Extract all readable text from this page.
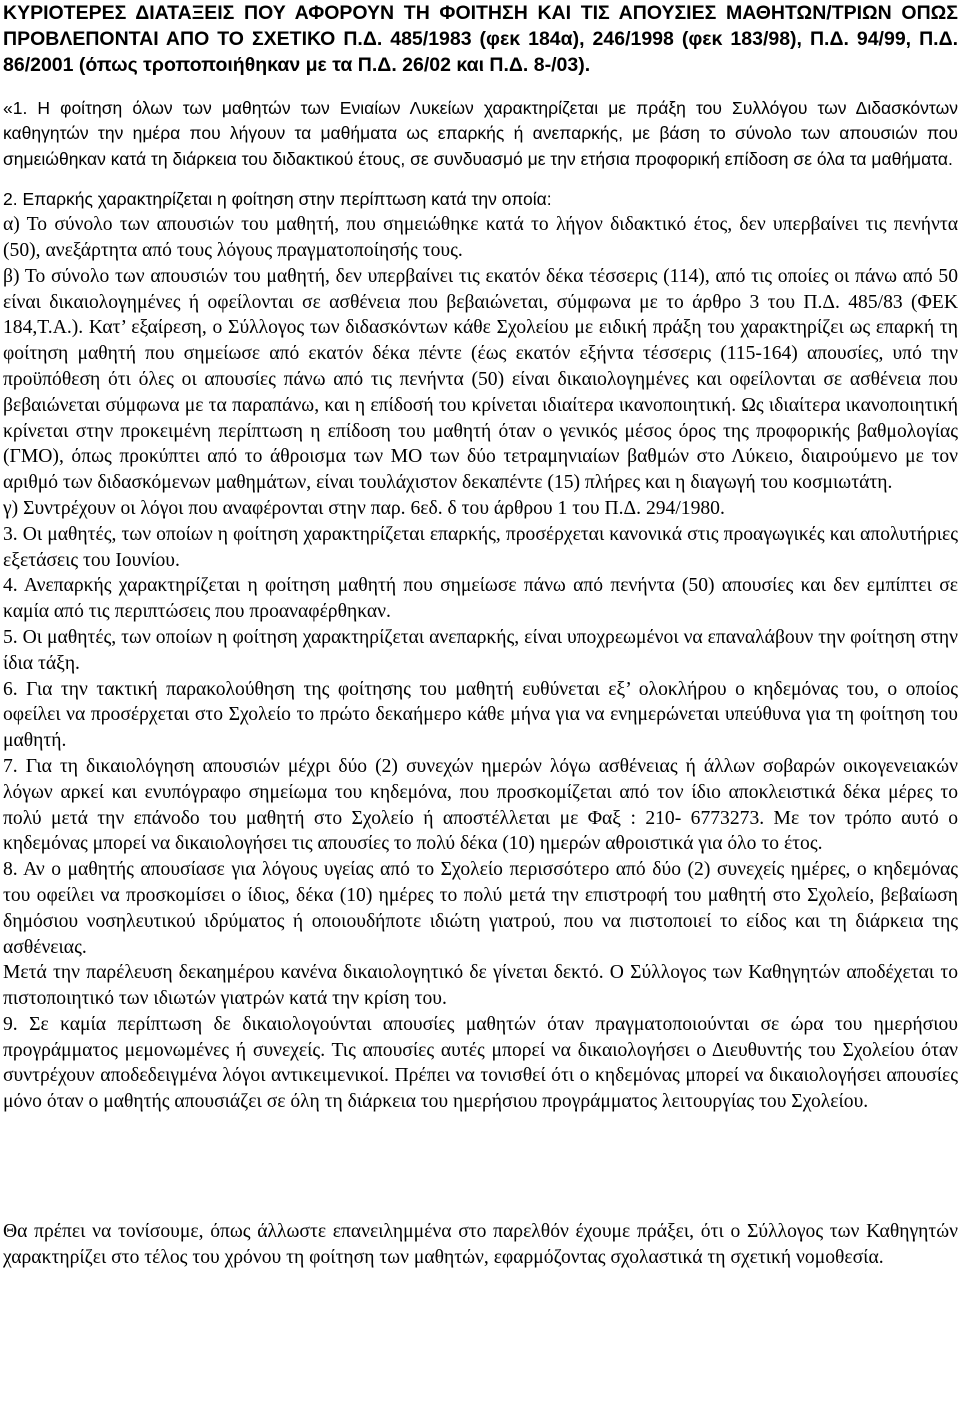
ΚΥΡΙΟΤΕΡΕΣ ΔΙΑΤΑΞΕΙΣ ΠΟΥ ΑΦΟΡΟΥΝ ΤΗ ΦΟΙΤΗΣΗ ΚΑΙ ΤΙΣ ΑΠΟΥΣΙΕΣ ΜΑΘΗΤΩΝ/ΤΡΙΩΝ ΟΠΩΣ ΠΡΟΒΛΕΠΟΝΤΑΙ ΑΠΟ ΤΟ ΣΧΕΤΙΚΟ Π.Δ. 485/1983 (φεκ 184α), 246/1998 (φεκ 183/98), Π.Δ. 94/99, Π.Δ. 86/2001 (όπως τροποποιήθηκαν με τα Π.Δ. 26/02 και Π.Δ. 8-/03).

«1. Η φοίτηση όλων των μαθητών των Ενιαίων Λυκείων χαρακτηρίζεται με πράξη του Συλλόγου των Διδασκόντων καθηγητών την ημέρα που λήγουν τα μαθήματα ως επαρκής ή ανεπαρκής, με βάση το σύνολο των απουσιών που σημειώθηκαν κατά τη διάρκεια του διδακτικού έτους, σε συνδυασμό με την ετήσια προφορική επίδοση σε όλα τα μαθήματα.

2. Επαρκής χαρακτηρίζεται η φοίτηση στην περίπτωση κατά την οποία:

α) Το σύνολο των απουσιών του μαθητή, που σημειώθηκε κατά το λήγον διδακτικό έτος, δεν υπερβαίνει τις πενήντα (50), ανεξάρτητα από τους λόγους πραγματοποίησής τους.

β) Το σύνολο των απουσιών του μαθητή, δεν υπερβαίνει τις εκατόν δέκα τέσσερις (114), από τις οποίες οι πάνω από 50 είναι δικαιολογημένες ή οφείλονται σε ασθένεια που βεβαιώνεται, σύμφωνα με το άρθρο 3 του Π.Δ. 485/83 (ΦΕΚ 184,Τ.Α.). Κατ’ εξαίρεση, ο Σύλλογος των διδασκόντων κάθε Σχολείου με ειδική πράξη του χαρακτηρίζει ως επαρκή τη φοίτηση μαθητή που σημείωσε από εκατόν δέκα πέντε (έως εκατόν εξήντα τέσσερις (115-164) απουσίες, υπό την προϋπόθεση ότι όλες οι απουσίες πάνω από τις πενήντα (50) είναι δικαιολογημένες και οφείλονται σε ασθένεια που βεβαιώνεται σύμφωνα με τα παραπάνω, και η επίδοσή του κρίνεται ιδιαίτερα ικανοποιητική. Ως ιδιαίτερα ικανοποιητική κρίνεται στην προκειμένη περίπτωση η επίδοση του μαθητή όταν ο γενικός μέσος όρος της προφορικής βαθμολογίας (ΓΜΟ), όπως προκύπτει από το άθροισμα των ΜΟ των δύο τετραμηνιαίων βαθμών στο Λύκειο, διαιρούμενο με τον αριθμό των διδασκόμενων μαθημάτων, είναι τουλάχιστον δεκαπέντε (15) πλήρες και η διαγωγή του κοσμιωτάτη.

γ) Συντρέχουν οι λόγοι που αναφέρονται στην παρ. 6εδ. δ του άρθρου 1 του Π.Δ. 294/1980.

3. Οι μαθητές, των οποίων η φοίτηση χαρακτηρίζεται επαρκής, προσέρχεται κανονικά στις προαγωγικές και απολυτήριες εξετάσεις του Ιουνίου.

4. Ανεπαρκής χαρακτηρίζεται η φοίτηση μαθητή που σημείωσε πάνω από πενήντα (50) απουσίες και δεν εμπίπτει σε καμία από τις περιπτώσεις που προαναφέρθηκαν.

5. Οι μαθητές, των οποίων η φοίτηση χαρακτηρίζεται ανεπαρκής, είναι υποχρεωμένοι να επαναλάβουν την φοίτηση στην ίδια τάξη.

6. Για την τακτική παρακολούθηση της φοίτησης του μαθητή ευθύνεται εξ’ ολοκλήρου ο κηδεμόνας του, ο οποίος οφείλει να προσέρχεται στο Σχολείο το πρώτο δεκαήμερο κάθε μήνα για να ενημερώνεται υπεύθυνα για τη φοίτηση του μαθητή.

7. Για τη δικαιολόγηση απουσιών μέχρι δύο (2) συνεχών ημερών λόγω ασθένειας ή άλλων σοβαρών οικογενειακών λόγων αρκεί και ενυπόγραφο σημείωμα του κηδεμόνα, που προσκομίζεται από τον ίδιο αποκλειστικά δέκα μέρες το πολύ μετά την επάνοδο του μαθητή στο Σχολείο ή αποστέλλεται με Φαξ : 210- 6773273. Με τον τρόπο αυτό ο κηδεμόνας μπορεί να δικαιολογήσει τις απουσίες το πολύ δέκα (10) ημερών αθροιστικά για όλο το έτος.

8. Αν ο μαθητής απουσίασε για λόγους υγείας από το Σχολείο περισσότερο από δύο (2) συνεχείς ημέρες, ο κηδεμόνας του οφείλει να προσκομίσει ο ίδιος, δέκα (10) ημέρες το πολύ μετά την επιστροφή του μαθητή στο Σχολείο, βεβαίωση δημόσιου νοσηλευτικού ιδρύματος ή οποιουδήποτε ιδιώτη γιατρού, που να πιστοποιεί το είδος και τη διάρκεια της ασθένειας.

Μετά την παρέλευση δεκαημέρου κανένα δικαιολογητικό δε γίνεται δεκτό. Ο Σύλλογος των Καθηγητών αποδέχεται το πιστοποιητικό των ιδιωτών γιατρών κατά την κρίση του.

9. Σε καμία περίπτωση δε δικαιολογούνται απουσίες μαθητών όταν πραγματοποιούνται σε ώρα του ημερήσιου προγράμματος μεμονωμένες ή συνεχείς. Τις απουσίες αυτές μπορεί να δικαιολογήσει ο Διευθυντής του Σχολείου όταν συντρέχουν αποδεδειγμένα λόγοι αντικειμενικοί. Πρέπει να τονισθεί ότι ο κηδεμόνας μπορεί να δικαιολογήσει απουσίες μόνο όταν ο μαθητής απουσιάζει σε όλη τη διάρκεια του ημερήσιου προγράμματος λειτουργίας του Σχολείου.

Θα πρέπει να τονίσουμε, όπως άλλωστε επανειλημμένα στο παρελθόν έχουμε πράξει, ότι ο Σύλλογος των Καθηγητών χαρακτηρίζει στο τέλος του χρόνου τη φοίτηση των μαθητών, εφαρμόζοντας σχολαστικά τη σχετική νομοθεσία.
